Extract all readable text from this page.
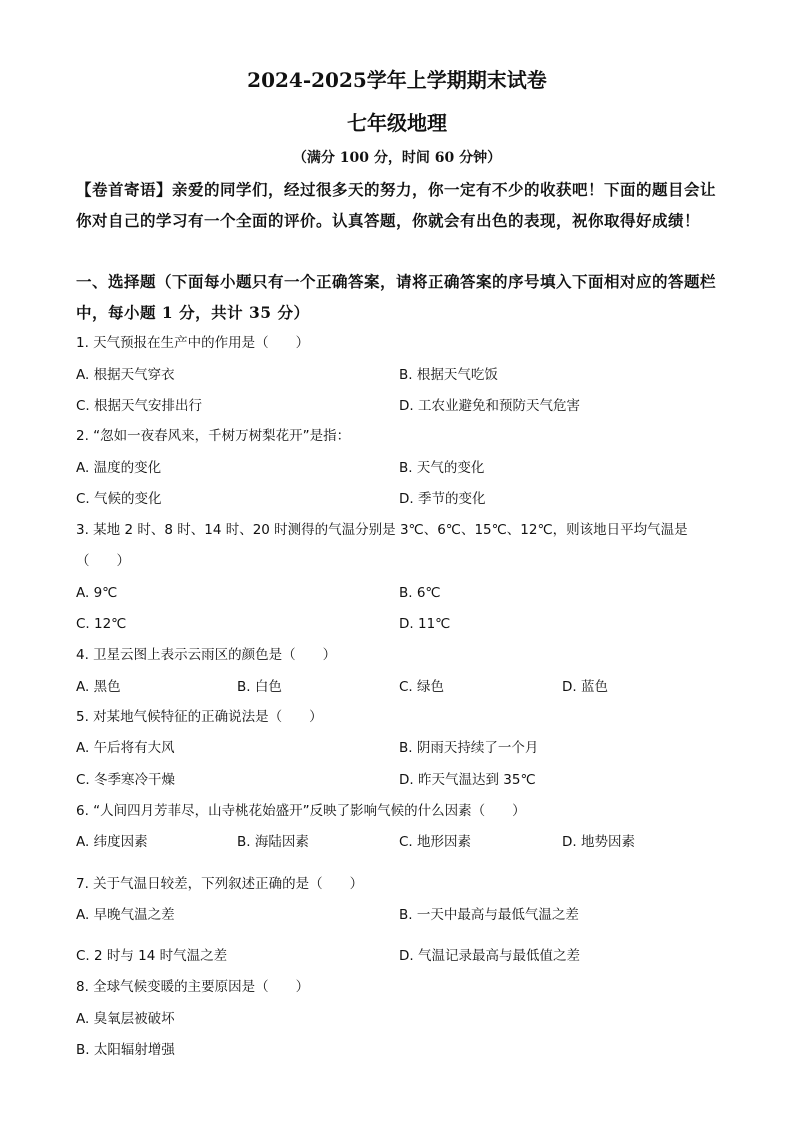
2024-2025学年上学期期末试卷
七年级地理
（满分 100 分，时间 60 分钟）
【卷首寄语】亲爱的同学们，经过很多天的努力，你一定有不少的收获吧！下面的题目会让你对自己的学习有一个全面的评价。认真答题，你就会有出色的表现，祝你取得好成绩！
一、选择题（下面每小题只有一个正确答案，请将正确答案的序号填入下面相对应的答题栏中，每小题 1 分，共计 35 分）
1. 天气预报在生产中的作用是（　　）
A. 根据天气穿衣	B. 根据天气吃饭
C. 根据天气安排出行	D. 工农业避免和预防天气危害
2. “忽如一夜春风来，千树万树梨花开”是指：
A. 温度的变化	B. 天气的变化
C. 气候的变化	D. 季节的变化
3. 某地 2 时、8 时、14 时、20 时测得的气温分别是 3℃、6℃、15℃、12℃，则该地日平均气温是
（　　）
A. 9℃	B. 6℃
C. 12℃	D. 11℃
4. 卫星云图上表示云雨区的颜色是（　　）
A. 黑色	B. 白色	C. 绿色	D. 蓝色
5. 对某地气候特征的正确说法是（　　）
A. 午后将有大风	B. 阴雨天持续了一个月
C. 冬季寒冷干燥	D. 昨天气温达到 35℃
6. “人间四月芳菲尽，山寺桃花始盛开”反映了影响气候的什么因素（　　）
A. 纬度因素	B. 海陆因素	C. 地形因素	D. 地势因素
7. 关于气温日较差，下列叙述正确的是（　　）
A. 早晚气温之差	B. 一天中最高与最低气温之差
C. 2 时与 14 时气温之差	D. 气温记录最高与最低值之差
8. 全球气候变暖的主要原因是（　　）
A. 臭氧层被破坏
B. 太阳辐射增强
